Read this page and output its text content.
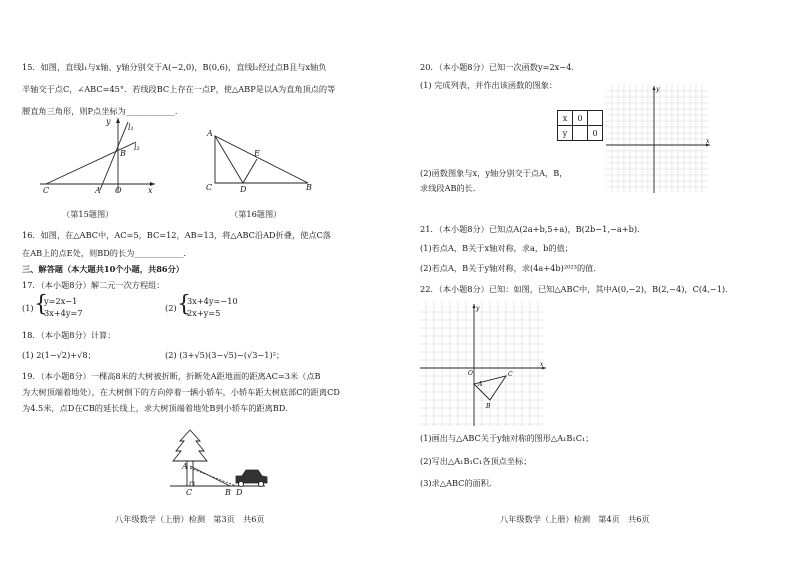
15．如图，直线l₁与x轴、y轴分别交于A(−2,0)，B(0,6)，直线l₂经过点B且与x轴负
半轴交于点C，∠ABC=45°．若线段BC上存在一点P，使△ABP是以A为直角顶点的等
腰直角三角形，则P点坐标为____________．
y
l₁
l₂
B
C	A O	x
（第15题图）
A
E
C	D	B
（第16题图）
16．如图，在△ABC中，AC=5，BC=12，AB=13，将△ABC沿AD折叠，使点C落
在AB上的点E处，则BD的长为____________．
三、解答题（本大题共10个小题，共86分）
17．（本小题8分）解二元一次方程组：
(1) {
y=2x−1
3x+4y=7	(2) {
3x+4y=−10
2x+y=5
18．（本小题8分）计算：
(1) 2(1−√2)+√8；	(2) (3+√5)(3−√5)−(√3−1)²；
19．（本小题8分）一棵高8米的大树被折断，折断处A距地面的距离AC=3米（点B
为大树顶端着地处），在大树倒下的方向停着一辆小轿车，小轿车距大树底部C的距离CD
为4.5米，点D在CB的延长线上，求大树顶端着地处B到小轿车的距离BD．
A
C	B D
八年级数学（上册）检测　第3页　共6页
20．（本小题8分）已知一次函数y=2x−4．
(1) 完成列表，并作出该函数的图象：
x	0	
y		0
x
y
(2)函数图象与x，y轴分别交于点A，B，
求线段AB的长．
21．（本小题8分）已知点A(2a+b,5+a)，B(2b−1,−a+b)．
(1)若点A，B关于x轴对称，求a，b的值；
(2)若点A，B关于y轴对称，求(4a+4b)²⁰²³的值．
22．（本小题8分）已知：如图，已知△ABC中，其中A(0,−2)，B(2,−4)，C(4,−1)．
x
y
O
A
B
C
(1)画出与△ABC关于y轴对称的图形△A₁B₁C₁；
(2)写出△A₁B₁C₁各顶点坐标；
(3)求△ABC的面积．
八年级数学（上册）检测　第4页　共6页
